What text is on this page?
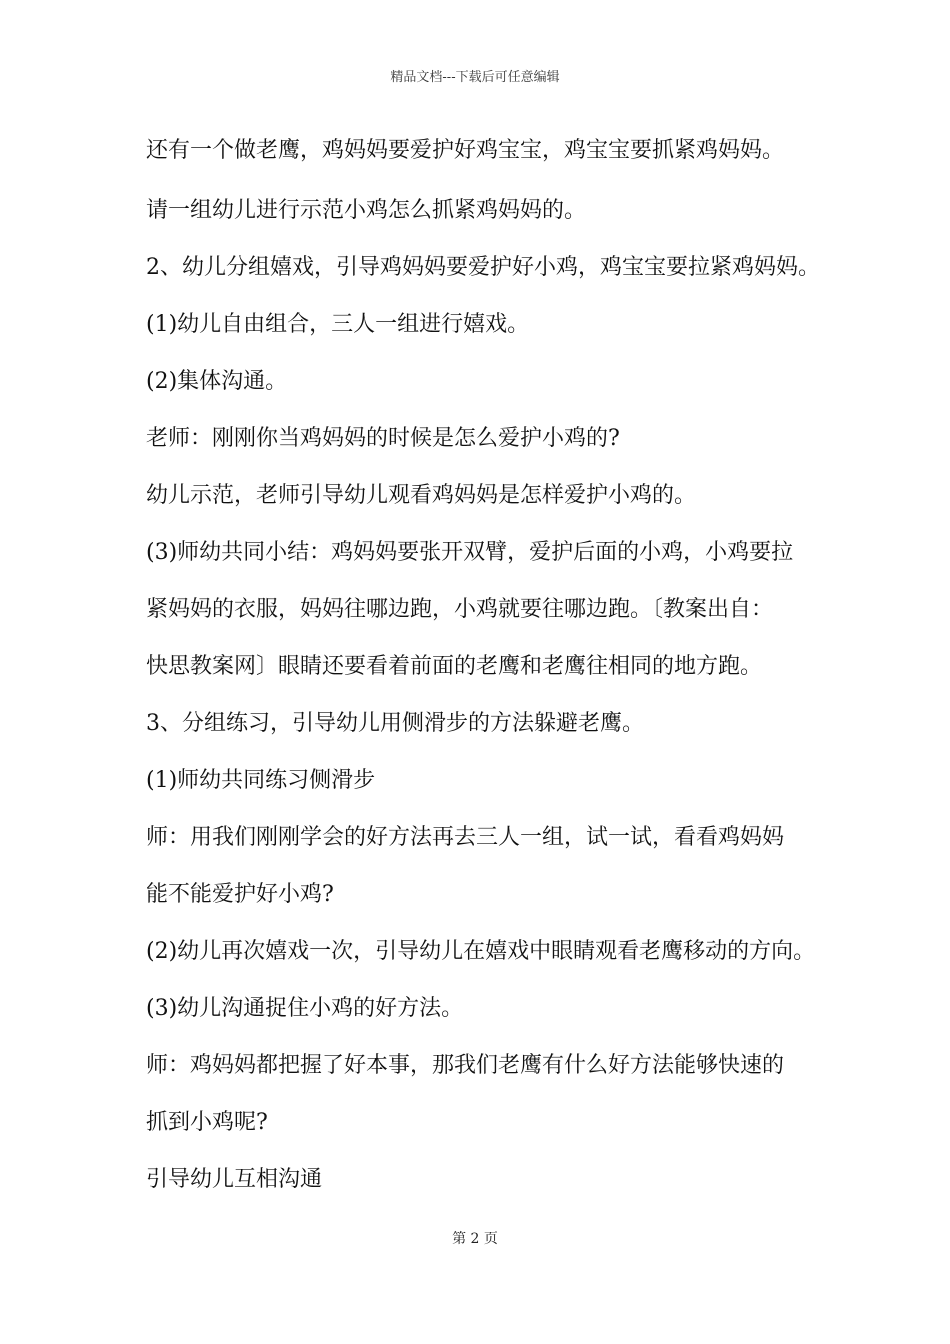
精品文档---下载后可任意编辑
还有一个做老鹰，鸡妈妈要爱护好鸡宝宝，鸡宝宝要抓紧鸡妈妈。
请一组幼儿进行示范小鸡怎么抓紧鸡妈妈的。
2、幼儿分组嬉戏，引导鸡妈妈要爱护好小鸡，鸡宝宝要拉紧鸡妈妈。
(1)幼儿自由组合，三人一组进行嬉戏。
(2)集体沟通。
老师：刚刚你当鸡妈妈的时候是怎么爱护小鸡的?
幼儿示范，老师引导幼儿观看鸡妈妈是怎样爱护小鸡的。
(3)师幼共同小结：鸡妈妈要张开双臂，爱护后面的小鸡，小鸡要拉
紧妈妈的衣服，妈妈往哪边跑，小鸡就要往哪边跑。〔教案出自：
快思教案网〕眼睛还要看着前面的老鹰和老鹰往相同的地方跑。
3、分组练习，引导幼儿用侧滑步的方法躲避老鹰。
(1)师幼共同练习侧滑步
师：用我们刚刚学会的好方法再去三人一组，试一试，看看鸡妈妈
能不能爱护好小鸡?
(2)幼儿再次嬉戏一次，引导幼儿在嬉戏中眼睛观看老鹰移动的方向。
(3)幼儿沟通捉住小鸡的好方法。
师：鸡妈妈都把握了好本事，那我们老鹰有什么好方法能够快速的
抓到小鸡呢?
引导幼儿互相沟通
第 2 页
